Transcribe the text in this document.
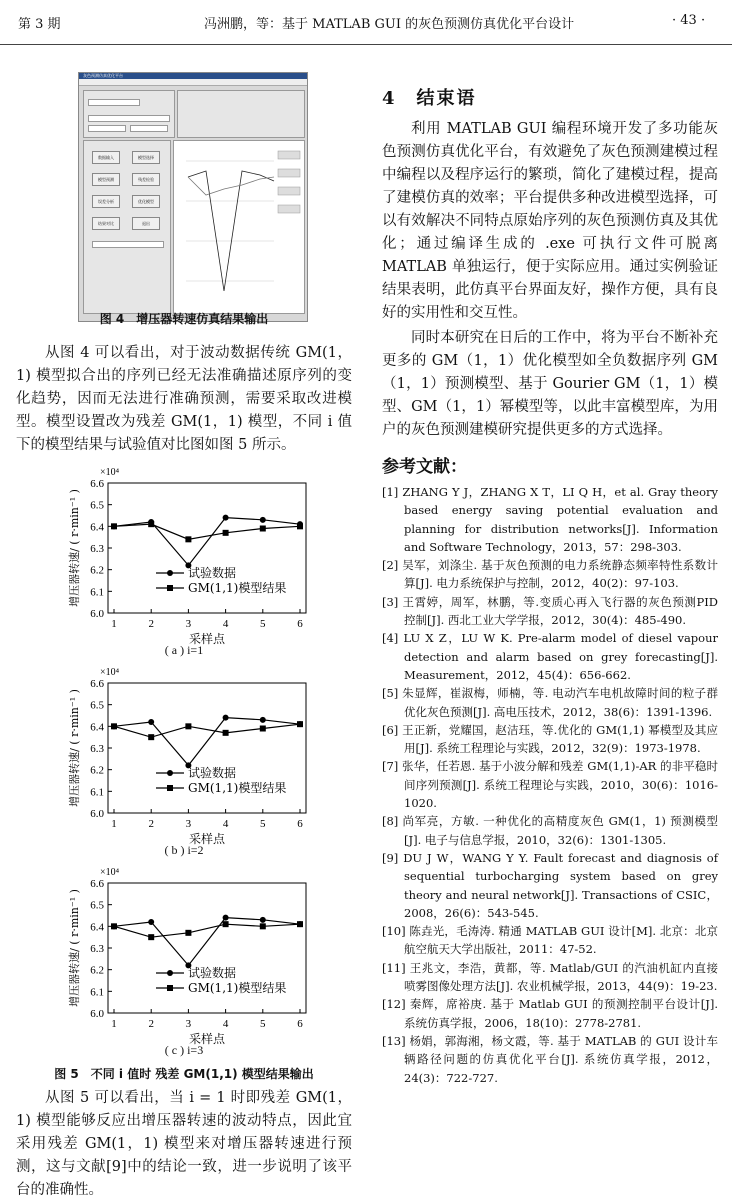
第 3 期	冯洲鹏，等：基于 MATLAB GUI 的灰色预测仿真优化平台设计	· 43 ·
灰色预测仿真优化平台
数据输入	模型选择
模型预测	残差检验
误差分析	优化模型
结果对比	退出

图 4　增压器转速仿真结果输出

从图 4 可以看出，对于波动数据传统 GM(1，1) 模型拟合出的序列已经无法准确描述原序列的变化趋势，因而无法进行准确预测，需要采取改进模型。模型设置改为残差 GM(1，1) 模型，不同 i 值下的模型结果与试验值对比图如图 5 所示。

6.0
6.1
6.2
6.3
6.4
6.5
6.6
×10⁴
1	2	3	4	5	6
采样点
增压器转速/ ( r·min⁻¹ )	试验数据
GM(1,1)模型结果
( a ) i=1
6.0
6.1
6.2
6.3
6.4
6.5
6.6
×10⁴
1	2	3	4	5	6
采样点
增压器转速/ ( r·min⁻¹ )	试验数据
GM(1,1)模型结果
( b ) i=2
6.0
6.1
6.2
6.3
6.4
6.5
6.6
×10⁴
1	2	3	4	5	6
采样点
增压器转速/ ( r·min⁻¹ )	试验数据
GM(1,1)模型结果
( c ) i=3

图 5　不同 i 值时 残差 GM(1,1) 模型结果输出

从图 5 可以看出，当 i = 1 时即残差 GM(1，1) 模型能够反应出增压器转速的波动特点，因此宜采用残差 GM(1，1) 模型来对增压器转速进行预测，这与文献[9]中的结论一致，进一步说明了该平台的准确性。

4　结束语

利用 MATLAB GUI 编程环境开发了多功能灰色预测仿真优化平台，有效避免了灰色预测建模过程中编程以及程序运行的繁琐，简化了建模过程，提高了建模仿真的效率；平台提供多种改进模型选择，可以有效解决不同特点原始序列的灰色预测仿真及其优化；通过编译生成的 .exe 可执行文件可脱离 MATLAB 单独运行，便于实际应用。通过实例验证结果表明，此仿真平台界面友好，操作方便，具有良好的实用性和交互性。

同时本研究在日后的工作中，将为平台不断补充更多的 GM（1，1）优化模型如全负数据序列 GM（1，1）预测模型、基于 Gourier GM（1，1）模型、GM（1，1）幂模型等，以此丰富模型库，为用户的灰色预测建模研究提供更多的方式选择。

参考文献：

[1] ZHANG Y J，ZHANG X T，LI Q H，et al. Gray theory based energy saving potential evaluation and planning for distribution networks[J]. Information and Software Technology，2013，57：298-303.

[2] 吴军，刘涤尘. 基于灰色预测的电力系统静态频率特性系数计算[J]. 电力系统保护与控制，2012，40(2)：97-103.

[3] 王霄婷，周军，林鹏，等.变质心再入飞行器的灰色预测PID 控制[J]. 西北工业大学学报，2012，30(4)：485-490.

[4] LU X Z，LU W K. Pre-alarm model of diesel vapour detection and alarm based on grey forecasting[J]. Measurement，2012，45(4)：656-662.

[5] 朱显辉，崔淑梅，师楠，等. 电动汽车电机故障时间的粒子群优化灰色预测[J]. 高电压技术，2012，38(6)：1391-1396.

[6] 王正新，党耀国，赵洁珏，等.优化的 GM(1,1) 幂模型及其应用[J]. 系统工程理论与实践，2012，32(9)：1973-1978.

[7] 张华，任若恩. 基于小波分解和残差 GM(1,1)-AR 的非平稳时间序列预测[J]. 系统工程理论与实践，2010，30(6)：1016-1020.

[8] 尚军亮，方敏. 一种优化的高精度灰色 GM(1，1) 预测模型[J]. 电子与信息学报，2010，32(6)：1301-1305.

[9] DU J W，WANG Y Y. Fault forecast and diagnosis of sequential turbocharging system based on grey theory and neural network[J]. Transactions of CSIC，2008，26(6)：543-545.

[10] 陈垚光，毛涛涛. 精通 MATLAB GUI 设计[M]. 北京：北京航空航天大学出版社，2011：47-52.

[11] 王兆文，李浩，黄都，等. Matlab/GUI 的汽油机缸内直接喷雾图像处理方法[J]. 农业机械学报，2013，44(9)：19-23.

[12] 秦辉，席裕庚. 基于 Matlab GUI 的预测控制平台设计[J]. 系统仿真学报，2006，18(10)：2778-2781.

[13] 杨娟，郭海湘，杨文霞，等. 基于 MATLAB 的 GUI 设计车辆路径问题的仿真优化平台[J]. 系统仿真学报，2012，24(3)：722-727.
